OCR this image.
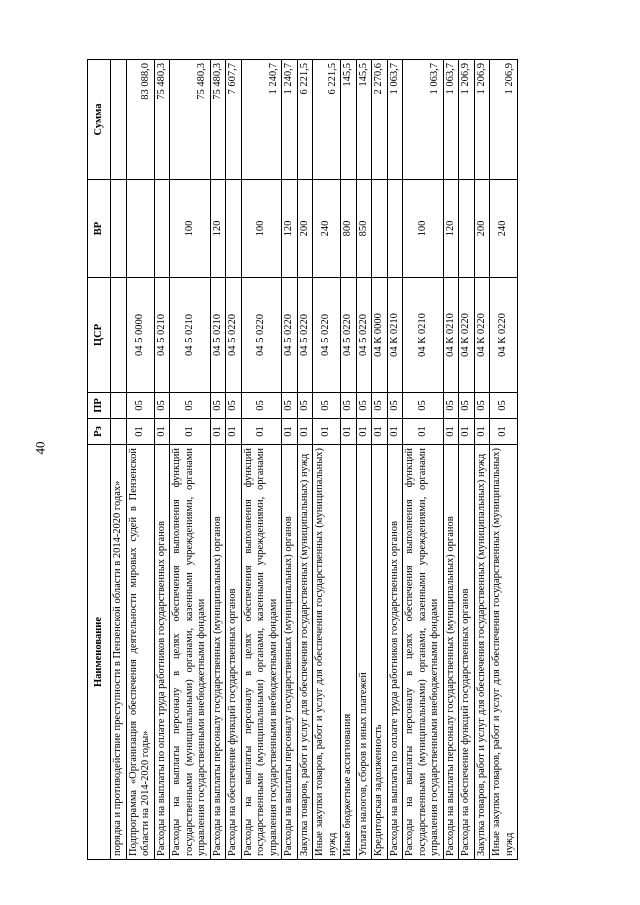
40
Наименование	Рз	ПР	ЦСР	ВР	Сумма
порядка и противодействие преступности в Пензенской области в 2014-2020 годах»					
Подпрограмма «Организация обеспечения деятельности мировых судей в Пензенской области на 2014-2020 годы»	01	05	04 5 0000		83 088,0
Расходы на выплаты по оплате труда работников государственных органов	01	05	04 5 0210		75 480,3
Расходы на выплаты персоналу в целях обеспечения выполнения функций государственными (муниципальными) органами, казенными учреждениями, органами управления государственными внебюджетными фондами	01	05	04 5 0210	100	75 480,3
Расходы на выплаты персоналу государственных (муниципальных) органов	01	05	04 5 0210	120	75 480,3
Расходы на обеспечение функций государственных органов	01	05	04 5 0220		7 607,7
Расходы на выплаты персоналу в целях обеспечения выполнения функций государственными (муниципальными) органами, казенными учреждениями, органами управления государственными внебюджетными фондами	01	05	04 5 0220	100	1 240,7
Расходы на выплаты персоналу государственных (муниципальных) органов	01	05	04 5 0220	120	1 240,7
Закупка товаров, работ и услуг для обеспечения государственных (муниципальных) нужд	01	05	04 5 0220	200	6 221,5
Иные закупки товаров, работ и услуг для обеспечения государственных (муниципальных) нужд	01	05	04 5 0220	240	6 221,5
Иные бюджетные ассигнования	01	05	04 5 0220	800	145,5
Уплата налогов, сборов и иных платежей	01	05	04 5 0220	850	145,5
Кредиторская задолженность	01	05	04 К 0000		2 270,6
Расходы на выплаты по оплате труда работников государственных органов	01	05	04 К 0210		1 063,7
Расходы на выплаты персоналу в целях обеспечения выполнения функций государственными (муниципальными) органами, казенными учреждениями, органами управления государственными внебюджетными фондами	01	05	04 К 0210	100	1 063,7
Расходы на выплаты персоналу государственных (муниципальных) органов	01	05	04 К 0210	120	1 063,7
Расходы на обеспечение функций государственных органов	01	05	04 К 0220		1 206,9
Закупка товаров, работ и услуг для обеспечения государственных (муниципальных) нужд	01	05	04 К 0220	200	1 206,9
Иные закупки товаров, работ и услуг для обеспечения государственных (муниципальных) нужд	01	05	04 К 0220	240	1 206,9
